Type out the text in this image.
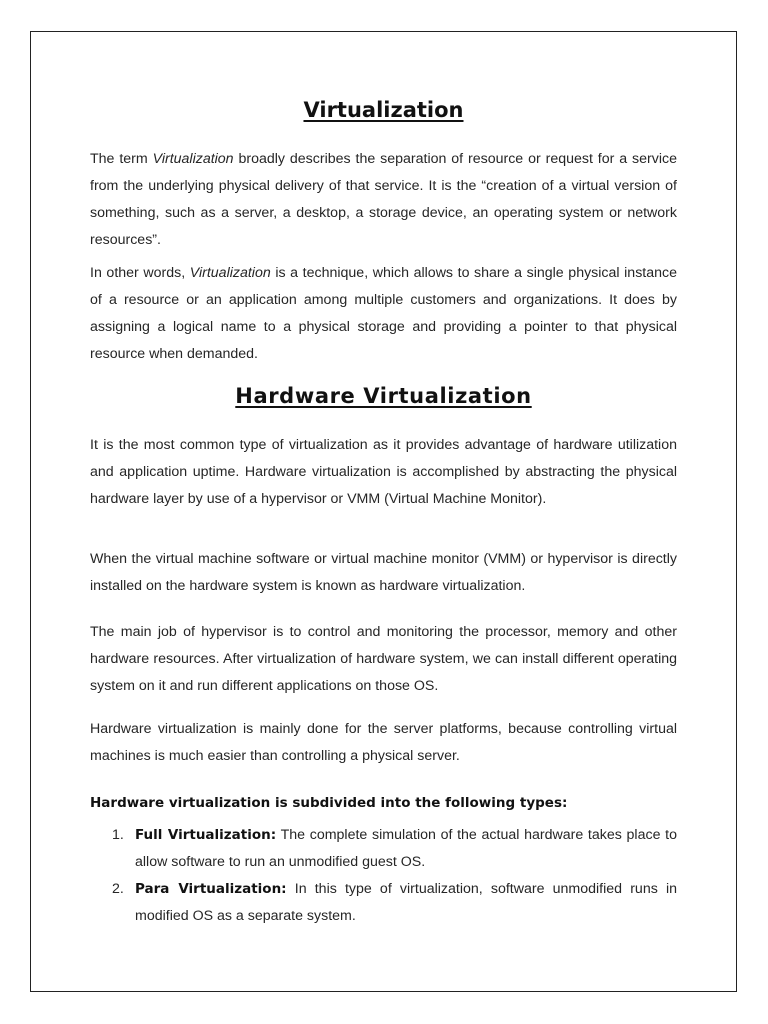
Virtualization

The term Virtualization broadly describes the separation of resource or request for a service from the underlying physical delivery of that service. It is the “creation of a virtual version of something, such as a server, a desktop, a storage device, an operating system or network resources”.

In other words, Virtualization is a technique, which allows to share a single physical instance of a resource or an application among multiple customers and organizations. It does by assigning a logical name to a physical storage and providing a pointer to that physical resource when demanded.

Hardware Virtualization

It is the most common type of virtualization as it provides advantage of hardware utilization and application uptime. Hardware virtualization is accomplished by abstracting the physical hardware layer by use of a hypervisor or VMM (Virtual Machine Monitor).

When the virtual machine software or virtual machine monitor (VMM) or hypervisor is directly installed on the hardware system is known as hardware virtualization.

The main job of hypervisor is to control and monitoring the processor, memory and other hardware resources. After virtualization of hardware system, we can install different operating system on it and run different applications on those OS.

Hardware virtualization is mainly done for the server platforms, because controlling virtual machines is much easier than controlling a physical server.

Hardware virtualization is subdivided into the following types:

1. Full Virtualization: The complete simulation of the actual hardware takes place to allow software to run an unmodified guest OS.
2. Para Virtualization: In this type of virtualization, software unmodified runs in modified OS as a separate system.
